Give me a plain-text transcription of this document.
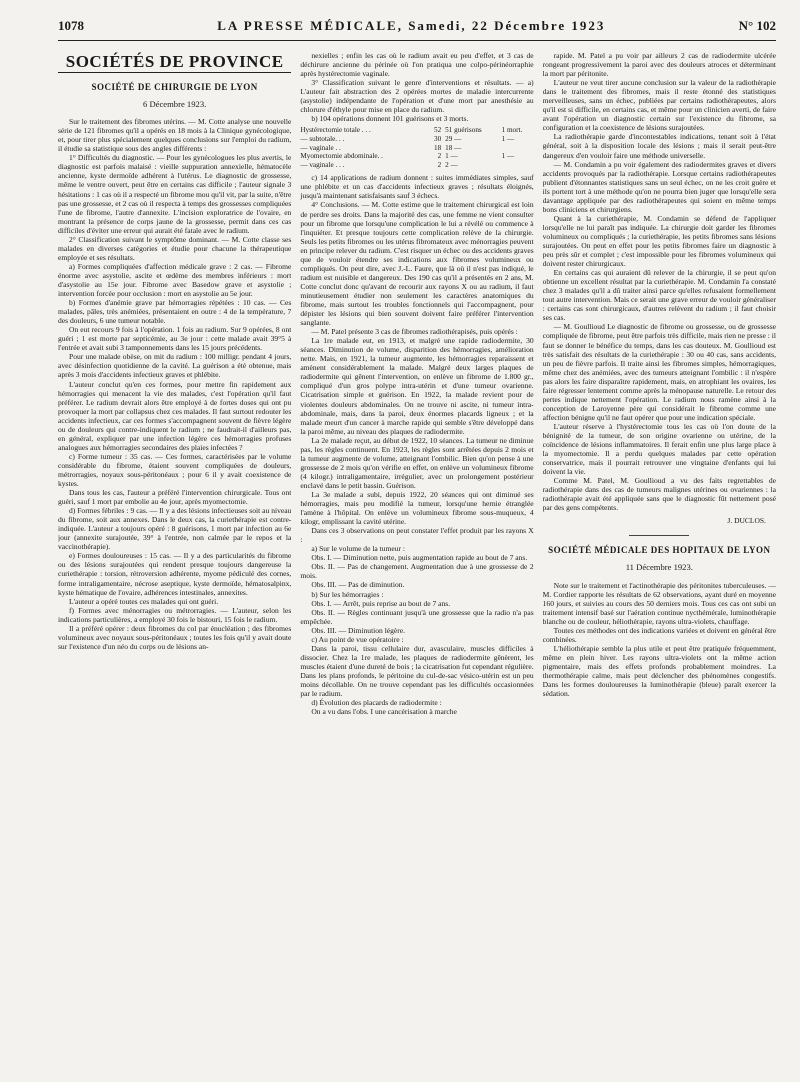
1078	LA PRESSE MÉDICALE, Samedi, 22 Décembre 1923	N° 102
SOCIÉTÉS DE PROVINCE
SOCIÉTÉ DE CHIRURGIE DE LYON
6 Décembre 1923.

Sur le traitement des fibromes utérins. — M. Cotte analyse une nouvelle série de 121 fibromes qu'il a opérés en 18 mois à la Clinique gynécologique, et, pour tirer plus spécialement quelques conclusions sur l'emploi du radium, il étudie sa statistique sous des angles différents :

1° Difficultés du diagnostic. — Pour les gynécologues les plus avertis, le diagnostic est parfois malaisé : vieille suppuration annexielle, hématocèle ancienne, kyste dermoïde adhérent à l'utérus. Le diagnostic de grossesse, même le ventre ouvert, peut être en certains cas difficile ; l'auteur signale 3 hésitations : 1 cas où il a respecté un fibrome mou qu'il vit, par la suite, n'être pas une grossesse, et 2 cas où il respecta à temps des grossesses compliquées l'une de fibrome, l'autre d'annexite. L'incision exploratrice de l'ovaire, en montrant la présence de corps jaune de la grossesse, permit dans ces cas difficiles d'éviter une erreur qui aurait été fatale avec le radium.

2° Classification suivant le symptôme dominant. — M. Cotte classe ses malades en diverses catégories et étudie pour chacune la thérapeutique employée et ses résultats.

a) Formes compliquées d'affection médicale grave : 2 cas. — Fibrome énorme avec asystolie, ascite et œdème des membres inférieurs : mort d'asystolie au 15e jour. Fibrome avec Basedow grave et asystolie ; intervention forcée pour occlusion : mort en asystolie au 5e jour.

b) Formes d'anémie grave par hémorragies répétées : 10 cas. — Ces malades, pâles, très anémiées, présentaient en outre : 4 de la température, 7 des douleurs, 6 une tumeur notable.

On eut recours 9 fois à l'opération. 1 fois au radium. Sur 9 opérées, 8 ont guéri ; 1 est morte par septicémie, au 3e jour : cette malade avait 39°5 à l'entrée et avait subi 3 tamponnements dans les 15 jours précédents.

Pour une malade obèse, on mit du radium : 100 milligr. pendant 4 jours, avec désinfection quotidienne de la cavité. La guérison a été obtenue, mais après 3 mois d'accidents infectieux graves et phlébite.

L'auteur conclut qu'en ces formes, pour mettre fin rapidement aux hémorragies qui menacent la vie des malades, c'est l'opération qu'il faut préférer. Le radium devrait alors être employé à de fortes doses qui ont pu provoquer la mort par collapsus chez ces malades. Il faut surtout redouter les accidents infectieux, car ces formes s'accompagnent souvent de fièvre légère ou de douleurs qui contre-indiquent le radium ; ne faudrait-il d'ailleurs pas, en général, expliquer par une infection légère ces hémorragies profuses analogues aux hémorragies secondaires des plaies infectées ?

c) Forme tumeur : 35 cas. — Ces formes, caractérisées par le volume considérable du fibrome, étaient souvent compliquées de douleurs, métrorragies, noyaux sous-péritonéaux ; pour 6 il y avait coexistence de kystes.

Dans tous les cas, l'auteur a préféré l'intervention chirurgicale. Tous ont guéri, sauf 1 mort par embolie au 4e jour, après myomectomie.

d) Formes fébriles : 9 cas. — Il y a des lésions infectieuses soit au niveau du fibrome, soit aux annexes. Dans le deux cas, la curiethérapie est contre-indiquée. L'auteur a toujours opéré : 8 guérisons, 1 mort par infection au 6e jour (annexite surajoutée, 39° à l'entrée, non calmée par le repos et la vaccinothérapie).

e) Formes douloureuses : 15 cas. — Il y a des particularités du fibrome ou des lésions surajoutées qui rendent presque toujours dangereuse la curiethérapie : torsion, rétroversion adhérente, myome pédiculé des cornes, forme intraligamentaire, nécrose aseptique, kyste dermoïde, hématosalpinx, kyste hématique de l'ovaire, adhérences intestinales, annexites.

L'auteur a opéré toutes ces malades qui ont guéri.

f) Formes avec ménorragies ou métrorragies. — L'auteur, selon les indications particulières, a employé 30 fois le bistouri, 15 fois le radium.

Il a préféré opérer : deux fibromes du col par énucléation ; des fibromes volumineux avec noyaux sous-péritonéaux ; toutes les fois qu'il y avait doute sur l'existence d'un néo du corps ou de lésions an-

nexielles ; enfin les cas où le radium avait eu peu d'effet, et 3 cas de déchirure ancienne du périnée où l'on pratiqua une colpo-périnéorraphie après hystérectomie vaginale.

3° Classification suivant le genre d'interventions et résultats. — a) L'auteur fait abstraction des 2 opérées mortes de maladie intercurrente (asystolie) indépendante de l'opération et d'une mort par anesthésie au chlorure d'éthyle pour mise en place du radium.

b) 104 opérations donnent 101 guérisons et 3 morts.

Hystérectomie totale . . .	52	51 guérisons	1 mort.
— subtotale. . .	30	29 —	1 —
— vaginale . .	18	18 —	
Myomectomie abdominale. .	2	1 —	1 —
— vaginale . . .	2	2 —	

c) 14 applications de radium donnent : suites immédiates simples, sauf une phlébite et un cas d'accidents infectieux graves ; résultats éloignés, jusqu'à maintenant satisfaisants sauf 3 échecs.

4° Conclusions. — M. Cotte estime que le traitement chirurgical est loin de perdre ses droits. Dans la majorité des cas, une femme ne vient consulter pour un fibrome que lorsqu'une complication le lui a révélé ou commence à l'inquiéter. Et presque toujours cette complication relève de la chirurgie. Seuls les petits fibromes ou les utérus fibromateux avec ménorragies peuvent en principe relever du radium. C'est risquer un échec ou des accidents graves que de vouloir étendre ses indications aux fibromes volumineux ou compliqués. On peut dire, avec J.-L. Faure, que là où il n'est pas indiqué, le radium est nuisible et dangereux. Des 190 cas qu'il a présentés en 2 ans, M. Cotte conclut donc qu'avant de recourir aux rayons X ou au radium, il faut minutieusement étudier non seulement les caractères anatomiques du fibrome, mais surtout les troubles fonctionnels qui l'accompagnent, pour dépister les lésions qui bien souvent doivent faire préférer l'intervention sanglante.

— M. Patel présente 3 cas de fibromes radiothérapisés, puis opérés :

La 1re malade eut, en 1913, et malgré une rapide radiodermite, 30 séances. Diminution de volume, disparition des hémorragies, amélioration nette. Mais, en 1921, la tumeur augmente, les hémorragies reparaissent et amènent considérablement la malade. Malgré deux larges plaques de radiodermite qui gênent l'intervention, on enlève un fibrome de 1.800 gr., compliqué d'un gros polype intra-utérin et d'une tumeur ovarienne. Cicatrisation simple et guérison. En 1922, la malade revient pour de violentes douleurs abdominales. On ne trouve ni ascite, ni tumeur intra-abdominale, mais, dans la paroi, deux énormes placards ligneux ; et la malade meurt d'un cancer à marche rapide qui semble s'être développé dans la paroi même, au niveau des plaques de radiodermite.

La 2e malade reçut, au début de 1922, 10 séances. La tumeur ne diminue pas, les règles continuent. En 1923, les règles sont arrêtées depuis 2 mois et la tumeur augmente de volume, atteignant l'ombilic. Bien qu'on pense à une grossesse de 2 mois qu'on vérifie en effet, on enlève un volumineux fibrome (4 kilogr.) intraligamentaire, irrégulier, avec un prolongement postérieur enclavé dans le petit bassin. Guérison.

La 3e malade a subi, depuis 1922, 20 séances qui ont diminué ses hémorragies, mais peu modifié la tumeur, lorsqu'une hernie étranglée l'amène à l'hôpital. On enlève un volumineux fibrome sous-muqueux, 4 kilogr, emplissant la cavité utérine.

Dans ces 3 observations on peut constater l'effet produit par les rayons X :

a) Sur le volume de la tumeur :

Obs. I. — Diminution nette, puis augmentation rapide au bout de 7 ans.

Obs. II. — Pas de changement. Augmentation due à une grossesse de 2 mois.

Obs. III. — Pas de diminution.

b) Sur les hémorragies :

Obs. I. — Arrêt, puis reprise au bout de 7 ans.

Obs. II. — Règles continuant jusqu'à une grossesse que la radio n'a pas empêchée.

Obs. III. — Diminution légère.

c) Au point de vue opératoire :

Dans la paroi, tissu cellulaire dur, avasculaire, muscles difficiles à dissocier. Chez la 1re malade, les plaques de radiodermite gênèrent, les muscles étaient d'une dureté de bois ; la cicatrisation fut cependant régulière. Dans les plans profonds, le péritoine du cul-de-sac vésico-utérin est un peu moins décollable. On ne trouve cependant pas les difficultés occasionnées par le radium.

d) Évolution des placards de radiodermite :

On a vu dans l'obs. I une cancérisation à marche

rapide. M. Patel a pu voir par ailleurs 2 cas de radiodermite ulcérée rongeant progressivement la paroi avec des douleurs atroces et déterminant la mort par péritonite.

L'auteur ne veut tirer aucune conclusion sur la valeur de la radiothérapie dans le traitement des fibromes, mais il reste étonné des statistiques merveilleuses, sans un échec, publiées par certains radiothérapeutes, alors qu'il est si difficile, en certains cas, et même pour un clinicien averti, de faire avant l'opération un diagnostic certain sur l'existence du fibrome, sa configuration et la coexistence de lésions surajoutées.

La radiothérapie garde d'incontestables indications, tenant soit à l'état général, soit à la disposition locale des lésions ; mais il serait peut-être dangereux d'en vouloir faire une méthode universelle.

— M. Condamin a pu voir également des radiodermites graves et divers accidents provoqués par la radiothérapie. Lorsque certains radiothérapeutes publient d'étonnantes statistiques sans un seul échec, on ne les croit guère et ils portent tort à une méthode qu'on ne pourra bien juger que lorsqu'elle sera davantage appliquée par des radiothérapeutes qui soient en même temps bons cliniciens et chirurgiens.

Quant à la curiethérapie, M. Condamin se défend de l'appliquer lorsqu'elle ne lui paraît pas indiquée. La chirurgie doit garder les fibromes volumineux ou compliqués ; la curiethérapie, les petits fibromes sans lésions surajoutées. On peut en effet pour les petits fibromes faire un diagnostic à peu près sûr et complet ; c'est impossible pour les fibromes volumineux qui doivent rester chirurgicaux.

En certains cas qui auraient dû relever de la chirurgie, il se peut qu'on obtienne un excellent résultat par la curiethérapie. M. Condamin l'a constaté chez 3 malades qu'il a dû traiter ainsi parce qu'elles refusaient formellement tout autre intervention. Mais ce serait une grave erreur de vouloir généraliser : certains cas sont chirurgicaux, d'autres relèvent du radium ; il faut choisir ses cas.

— M. Goullioud Le diagnostic de fibrome ou grossesse, ou de grossesse compliquée de fibrome, peut être parfois très difficile, mais rien ne presse : il faut se donner le bénéfice du temps, dans les cas douteux. M. Goullioud est très satisfait des résultats de la curiethérapie : 30 ou 40 cas, sans accidents, un peu de fièvre parfois. Il traite ainsi les fibromes simples, hémorragiques, même chez des anémiées, avec des tumeurs atteignant l'ombilic : il n'espère pas alors les faire disparaître rapidement, mais, en atrophiant les ovaires, les faire régresser lentement comme après la ménopause naturelle. Le retour des pertes indique nettement l'opération. Le radium nous ramène ainsi à la conception de Laroyenne père qui considérait le fibrome comme une affection bénigne qu'il ne faut opérer que pour une indication spéciale.

L'auteur réserve à l'hystérectomie tous les cas où l'on doute de la bénignité de la tumeur, de son origine ovarienne ou utérine, de la coïncidence de lésions inflammatoires. Il ferait enfin une plus large place à la myomectomie. Il a perdu quelques malades par cette opération conservatrice, mais il pourrait retrouver une vingtaine d'enfants qui lui doivent la vie.

Comme M. Patel, M. Goullioud a vu des faits regrettables de radiothérapie dans des cas de tumeurs malignes utérines ou ovariennes : la radiothérapie avait été appliquée sans que le diagnostic fût nettement posé par des gens compétents.

J. DUCLOS.
SOCIÉTÉ MÉDICALE DES HOPITAUX DE LYON
11 Décembre 1923.

Note sur le traitement et l'actinothérapie des péritonites tuberculeuses. — M. Cordier rapporte les résultats de 62 observations, ayant duré en moyenne 160 jours, et suivies au cours des 50 derniers mois. Tous ces cas ont subi un traitement intensif basé sur l'aération continue nycthémérale, luminothérapie blanche ou de couleur, héliothérapie, rayons ultra-violets, chauffage.

Toutes ces méthodes ont des indications variées et doivent en général être combinées.

L'héliothérapie semble la plus utile et peut être pratiquée fréquemment, même en plein hiver. Les rayons ultra-violets ont la même action pigmentaire, mais des effets profonds probablement moindres. La thermothérapie calme, mais peut déclencher des phénomènes congestifs. Dans les formes douloureuses la luminothérapie (bleue) paraît exercer la sédation.
